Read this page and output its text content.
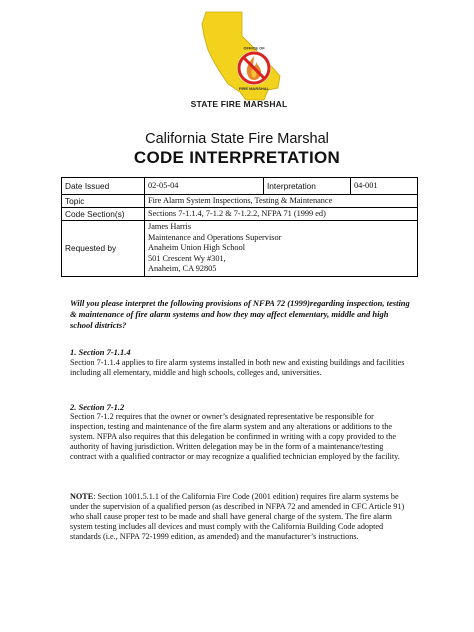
OFFICE OF
FIRE MARSHAL
STATE FIRE MARSHAL
California State Fire Marshal
CODE INTERPRETATION
Date Issued	02-05-04	Interpretation	04-001
Topic	Fire Alarm System Inspections, Testing & Maintenance		
Code Section(s)	Sections 7-1.1.4, 7-1.2 & 7-1.2.2, NFPA 71 (1999 ed)		
Requested by	James Harris
Maintenance and Operations Supervisor
Anaheim Union High School
501 Crescent Wy #301,
Anaheim, CA 92805		
Will you please interpret the following provisions of NFPA 72 (1999)regarding inspection, testing & maintenance of fire alarm systems and how they may affect elementary, middle and high school districts?
1. Section 7-1.1.4
Section 7-1.1.4 applies to fire alarm systems installed in both new and existing buildings and facilities including all elementary, middle and high schools, colleges and, universities.
2. Section 7-1.2
Section 7-1.2 requires that the owner or owner’s designated representative be responsible for inspection, testing and maintenance of the fire alarm system and any alterations or additions to the system. NFPA also requires that this delegation be confirmed in writing with a copy provided to the authority of having jurisdiction. Written delegation may be in the form of a maintenance/testing contract with a qualified contractor or may recognize a qualified technician employed by the facility.
NOTE: Section 1001.5.1.1 of the California Fire Code (2001 edition) requires fire alarm systems be under the supervision of a qualified person (as described in NFPA 72 and amended in CFC Article 91) who shall cause proper test to be made and shall have general charge of the system. The fire alarm system testing includes all devices and must comply with the California Building Code adopted standards (i.e., NFPA 72-1999 edition, as amended) and the manufacturer’s instructions.
